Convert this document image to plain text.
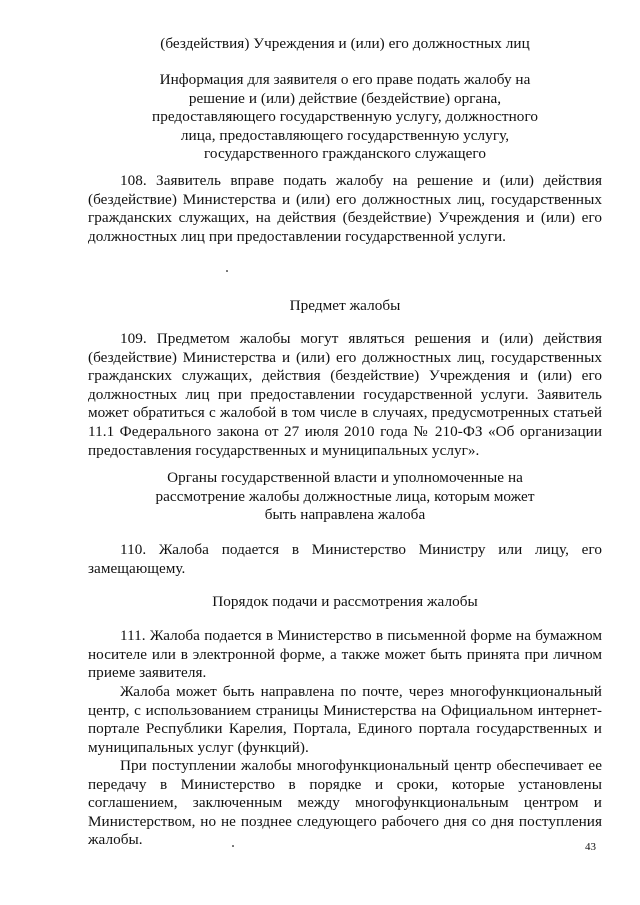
(бездействия) Учреждения и (или) его должностных лиц
Информация для заявителя о его праве подать жалобу на решение и (или) действие (бездействие) органа, предоставляющего государственную услугу, должностного лица, предоставляющего государственную услугу, государственного гражданского служащего
108. Заявитель вправе подать жалобу на решение и (или) действия (бездействие) Министерства и (или) его должностных лиц, государственных гражданских служащих, на действия (бездействие) Учреждения и (или) его должностных лиц при предоставлении государственной услуги.
Предмет жалобы
109. Предметом жалобы могут являться решения и (или) действия (бездействие) Министерства и (или) его должностных лиц, государственных гражданских служащих, действия (бездействие) Учреждения и (или) его должностных лиц при предоставлении государственной услуги. Заявитель может обратиться с жалобой в том числе в случаях, предусмотренных статьей 11.1 Федерального закона от 27 июля 2010 года № 210-ФЗ «Об организации предоставления государственных и муниципальных услуг».
Органы государственной власти и уполномоченные на рассмотрение жалобы должностные лица, которым может быть направлена жалоба
110. Жалоба подается в Министерство Министру или лицу, его замещающему.
Порядок подачи и рассмотрения жалобы
111. Жалоба подается в Министерство в письменной форме на бумажном носителе или в электронной форме, а также может быть принята при личном приеме заявителя.
Жалоба может быть направлена по почте, через многофункциональный центр, с использованием страницы Министерства на Официальном интернет-портале Республики Карелия, Портала, Единого портала государственных и муниципальных услуг (функций).
При поступлении жалобы многофункциональный центр обеспечивает ее передачу в Министерство в порядке и сроки, которые установлены соглашением, заключенным между многофункциональным центром и Министерством, но не позднее следующего рабочего дня со дня поступления жалобы.	43
